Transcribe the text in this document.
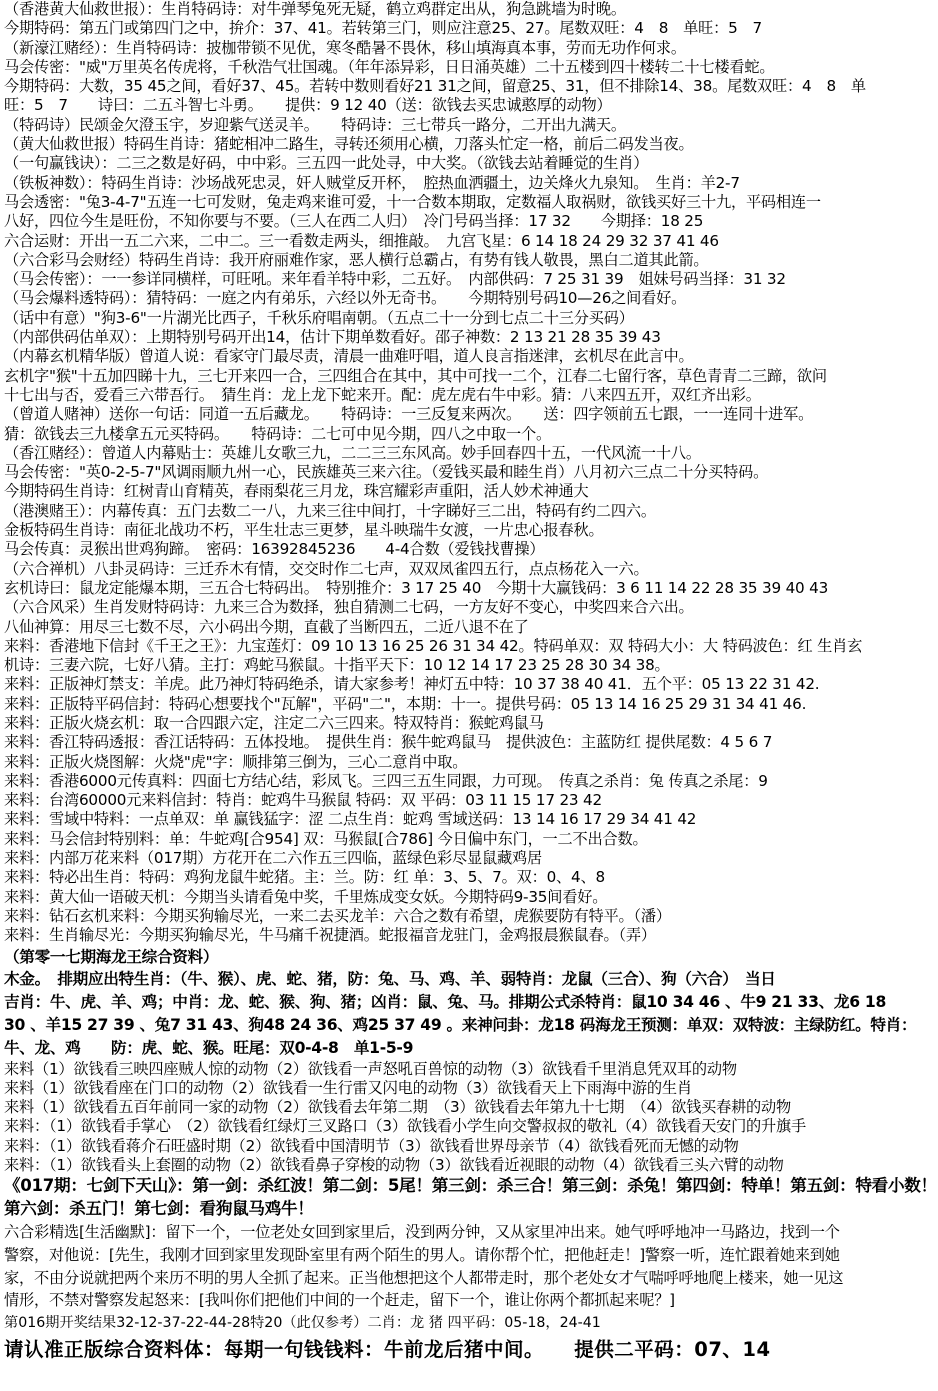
（香港黄大仙救世报）：生肖特码诗：对牛弹琴兔死无疑，鹤立鸡群定出从，狗急跳墙为时晚。
今期特码：第五门或第四门之中，拚介：37、41。若转第三门，则应注意25、27。尾数双旺：4　8　单旺：5　7
（新濠江赌经）：生肖特码诗：披枷带锁不见优，寒冬酷暑不畏休，移山填海真本事，劳而无功作何求。
马会传密："威"万里英名传虎将，千秋浩气壮国魂。（年年添异彩，日日涌英雄）二十五楼到四十楼转二十七楼看蛇。
今期特码：大数，35 45之间，看好37、45。若转中数则看好21 31之间，留意25、31，但不排除14、38。尾数双旺：4　8　单
旺：5　7　　诗曰：二五斗智七斗勇。　　提供：9 12 40（送：欲钱去买忠诚憨厚的动物）
（特码诗）民颂金欠澄玉宇，岁迎紫气送灵羊。　　特码诗：三七带兵一路分，二开出九满天。
（黄大仙救世报）特码生肖诗：猪蛇相冲二路生，寻转还须用心横，刀落头忙定一格，前后二码发当夜。
（一句赢钱诀）：二三之数是好码，中中彩。三五四一此处寻，中大奖。（欲钱去站着睡觉的生肖）
（铁板神数）：特码生肖诗：沙场战死忠灵，奸人贼堂反开杯，　腔热血洒疆土，边关烽火九泉知。　生肖：羊2-7
马会透密："兔3-4-7"五连一七可发财，兔走鸡来谁可爱，十一合数本期取，定数福人取祸财，欲钱买好三十九，平码相连一
八好，四位今生是旺份，不知你要与不要。（三人在西二人归）　冷门号码当择：17 32　　今期择：18 25
六合运财：开出一五二六来，二中二。三一看数走两头，细推敲。　九宫飞星：6 14 18 24 29 32 37 41 46
（六合彩马会财经）特码生肖诗：我开府丽难作家，恶人横行总霸占，有势有钱人敬畏，黑白二道其此箭。
（马会传密）：一一参详同横样，可旺吼。来年看羊特中彩，二五好。　内部供码：7 25 31 39　姐妹号码当择：31 32
（马会爆料透特码）：猜特码：一庭之内有弟乐，六经以外无奇书。　　今期特别号码10—26之间看好。
（话中有意）"狗3-6"一片湖光比西子，千秋乐府唱南朝。（五点二十一分到七点二十三分买码）
（内部供码估单双）：上期特别号码开出14，估计下期单数看好。邵子神数：2 13 21 28 35 39 43
（内幕玄机精华版）曾道人说：看家守门最尽责，清晨一曲难吁唱，道人良言指迷津，玄机尽在此言中。
玄机字"猴"十五加四睇十九，三七开来四一合，三四组合在其中，其中可找一二个，江春二七留行客，草色青青二三蹄，欲问
十七出与否，爱看三六带吾行。　猜生肖：龙上龙下蛇来开。配：虎左虎右牛中彩。猜：八来四五开，双红齐出彩。
（曾道人赌神）送你一句话：同道一五后藏龙。　　特码诗：一三反复来两次。　　送：四字领前五七跟，一一连同十进军。
猜：欲钱去三九楼拿五元买特码。　　特码诗：二七可中见今期，四八之中取一个。
（香江赌经）：曾道人内幕贴士：英雄儿女歌三九，二二三三东风高。妙手回春四十五，一代风流一十八。
马会传密："英0-2-5-7"风调雨顺九州一心，民族雄英三来六往。（爱钱买最和睦生肖）八月初六三点二十分买特码。
今期特码生肖诗：红树青山育精英，春雨梨花三月龙，珠宫耀彩声重阳，活人妙术神通大
（港澳赌王）：内幕传真：五门去数二一八，九来三往中间打，十字睇好三二出，特码有约二四六。
金板特码生肖诗：南征北战功不朽，平生壮志三更梦，星斗映瑞牛女渡，一片忠心报春秋。
马会传真：灵猴出世鸡狗蹄。　密码：16392845236　　4-4合数（爱钱找曹操）
（六合禅机）八卦灵码诗：三迁乔木有情，交交时作二七声，双双凤雀四五行，点点杨花入一六。
玄机诗曰：鼠龙定能爆本期，三五合七特码出。　特别推介：3 17 25 40　今期十大赢钱码：3 6 11 14 22 28 35 39 40 43
（六合风采）生肖发财特码诗：九来三合为数择，独自猜测二七码，一方友好不变心，中奖四来合六出。
八仙神算：用尽三七数不尽，六小码出今期，直截了当断四五，二近八退不在了
来料：香港地下信封《千王之王》：九宝莲灯：09 10 13 16 25 26 31 34 42。特码单双：双 特码大小：大 特码波色：红 生肖玄
机诗：三妻六院，七好八猜。主打：鸡蛇马猴鼠。十指平天下：10 12 14 17 23 25 28 30 34 38。
来料：正版神灯禁支：羊虎。此乃神灯特码绝杀，请大家参考！神灯五中特：10 37 38 40 41．五个平：05 13 22 31 42.
来料：正版特平码信封：特码心想要找个"瓦解"，平码"二"，本期：十一。提供号码：05 13 14 16 25 29 31 34 41 46.
来料：正版火烧玄机：取一合四跟六定，注定二六三四来。特双特肖：猴蛇鸡鼠马
来料：香江特码透报：香江话特码：五体投地。　提供生肖：猴牛蛇鸡鼠马　提供波色：主蓝防红 提供尾数：4 5 6 7
来料：正版火烧图解：火烧"虎"字：顺排第三倒为，三心二意肖中取。
来料：香港6000元传真料：四面七方结心结，彩凤飞。三四三五生同跟，力可现。　传真之杀肖：兔 传真之杀尾：9
来料：台湾60000元来料信封：特肖：蛇鸡牛马猴鼠 特码：双 平码：03 11 15 17 23 42
来料：雪域中特料：一点单双：单 赢钱猛字：涩 二点生肖：蛇鸡 雪域送码：13 14 16 17 29 34 41 42
来料：马会信封特别料：单：牛蛇鸡[合954] 双：马猴鼠[合786] 今日偏中东门，一二不出合数。
来料：内部万花来料（017期）方花开在二六作五三四临，蓝绿色彩尽显鼠藏鸡居
来料：特必出生肖：特码：鸡狗龙鼠牛蛇猪。主：兰。防：红 单：3、5、7。双：0、4、8
来料：黄大仙一语破天机：今期当头请看兔中奖，千里炼成变女妖。今期特码9-35间看好。
来料：钻石玄机来料：今期买狗输尽光，一来二去买龙羊：六合之数有希望，虎猴要防有特平。（潘）
来料：生肖输尽光：今期买狗输尽光，牛马痛千祝捷酒。蛇报福音龙驻门，金鸡报晨猴鼠春。（弄）
（第零一七期海龙王综合资料）
木金。　排期应出特生肖：（牛、猴）、虎、蛇、猪，防：兔、马、鸡、羊、弱特肖：龙鼠（三合）、狗（六合）　当日
吉肖：牛、虎、羊、鸡；中肖：龙、蛇、猴、狗、猪；凶肖：鼠、兔、马。排期公式杀特肖：鼠10 34 46 、牛9 21 33、龙6 18
30 、羊15 27 39 、兔7 31 43、狗48 24 36、鸡25 37 49 。来神问卦：龙18 码海龙王预测：单双：双特波：主绿防红。特肖：
牛、龙、鸡　　防：虎、蛇、猴。旺尾：双0-4-8　单1-5-9
来料（1）欲钱看三映四座贼人惊的动物（2）欲钱看一声怒吼百兽惊的动物（3）欲钱看千里消息凭双耳的动物
来料（1）欲钱看座在门口的动物（2）欲钱看一生行雷又闪电的动物（3）欲钱看天上下雨海中游的生肖
来料（1）欲钱看五百年前同一家的动物（2）欲钱看去年第二期　（3）欲钱看去年第九十七期　（4）欲钱买春耕的动物
来料：（1）欲钱看手掌心　（2）欲钱看红绿灯三叉路口（3）欲钱看小学生向交警叔叔的敬礼（4）欲钱看天安门的升旗手
来料：（1）欲钱看蒋介石旺盛时期（2）欲钱看中国清明节（3）欲钱看世界母亲节（4）欲钱看死而无憾的动物
来料：（1）欲钱看头上套圈的动物（2）欲钱看鼻子穿梭的动物（3）欲钱看近视眼的动物（4）欲钱看三头六臂的动物
《017期：七剑下天山》：第一剑：杀红波！第二剑：5尾！第三剑：杀三合！第三剑：杀兔！第四剑：特单！第五剑：特看小数！
第六剑：杀五门！第七剑：看狗鼠马鸡牛！
六合彩精选[生活幽默]：留下一个，一位老处女回到家里后，没到两分钟，又从家里冲出来。她气呼呼地冲一马路边，找到一个
警察，对他说：[先生，我刚才回到家里发现卧室里有两个陌生的男人。请你帮个忙，把他赶走！]警察一听，连忙跟着她来到她
家，不由分说就把两个来历不明的男人全抓了起来。正当他想把这个人都带走时，那个老处女才气喘呼呼地爬上楼来，她一见这
情形，不禁对警察发起怒来：[我叫你们把他们中间的一个赶走，留下一个，谁让你两个都抓起来呢？]
第016期开奖结果32-12-37-22-44-28特20（此仅参考）二肖：龙 猪 四平码：05-18，24-41
请认准正版综合资料体：每期一句钱钱料：牛前龙后猪中间。　　提供二平码：07、14
